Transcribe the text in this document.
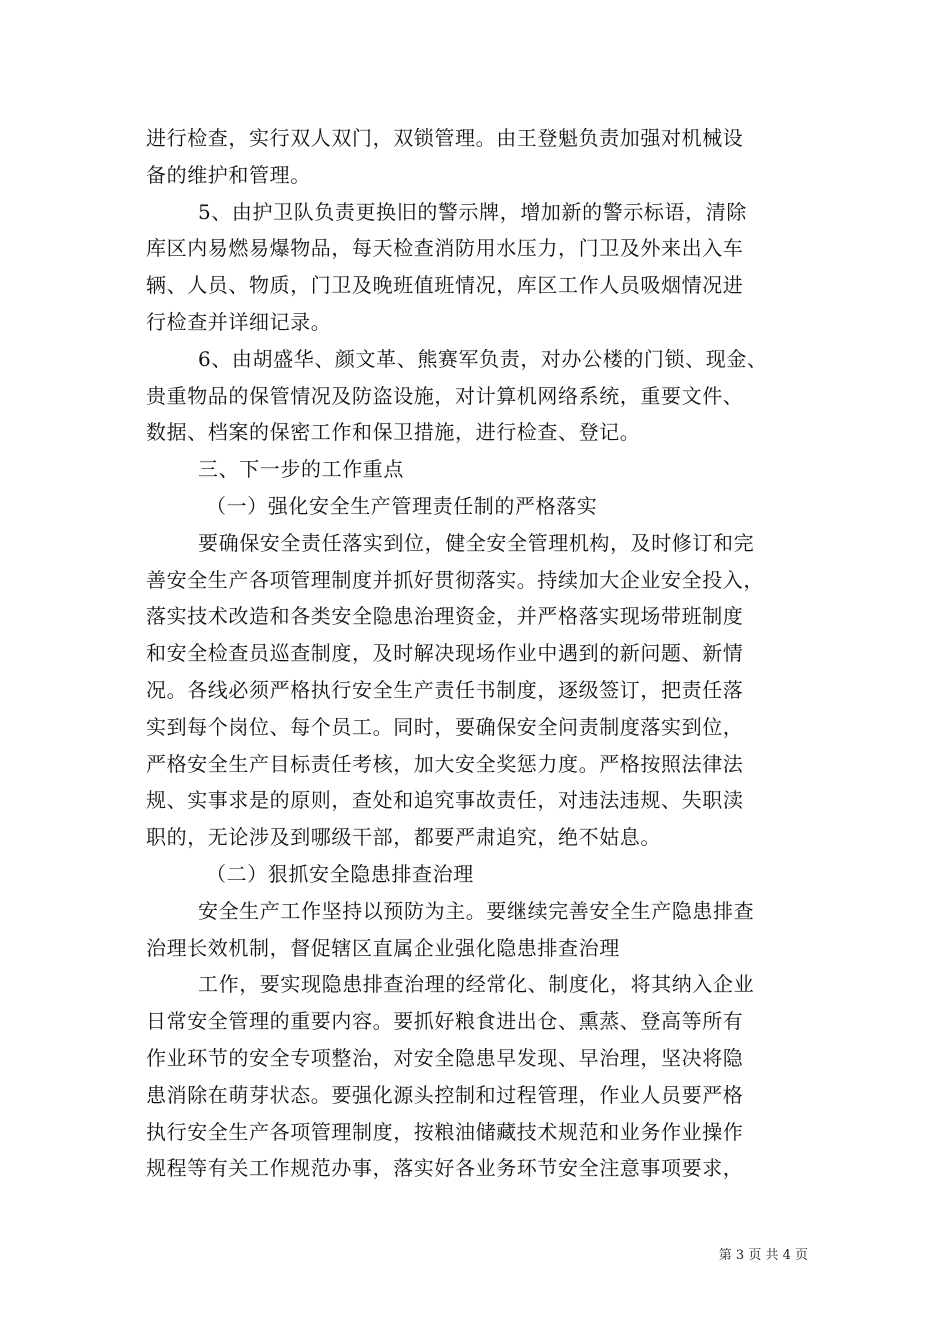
进行检查，实行双人双门，双锁管理。由王登魁负责加强对机械设
备的维护和管理。
5、由护卫队负责更换旧的警示牌，增加新的警示标语，清除
库区内易燃易爆物品，每天检查消防用水压力，门卫及外来出入车
辆、人员、物质，门卫及晚班值班情况，库区工作人员吸烟情况进
行检查并详细记录。
6、由胡盛华、颜文革、熊赛军负责，对办公楼的门锁、现金、
贵重物品的保管情况及防盗设施，对计算机网络系统，重要文件、
数据、档案的保密工作和保卫措施，进行检查、登记。
三、下一步的工作重点
（一）强化安全生产管理责任制的严格落实
要确保安全责任落实到位，健全安全管理机构，及时修订和完
善安全生产各项管理制度并抓好贯彻落实。持续加大企业安全投入，
落实技术改造和各类安全隐患治理资金，并严格落实现场带班制度
和安全检查员巡查制度，及时解决现场作业中遇到的新问题、新情
况。各线必须严格执行安全生产责任书制度，逐级签订，把责任落
实到每个岗位、每个员工。同时，要确保安全问责制度落实到位，
严格安全生产目标责任考核，加大安全奖惩力度。严格按照法律法
规、实事求是的原则，查处和追究事故责任，对违法违规、失职渎
职的，无论涉及到哪级干部，都要严肃追究，绝不姑息。
（二）狠抓安全隐患排查治理
安全生产工作坚持以预防为主。要继续完善安全生产隐患排查
治理长效机制，督促辖区直属企业强化隐患排查治理
工作，要实现隐患排查治理的经常化、制度化，将其纳入企业
日常安全管理的重要内容。要抓好粮食进出仓、熏蒸、登高等所有
作业环节的安全专项整治，对安全隐患早发现、早治理，坚决将隐
患消除在萌芽状态。要强化源头控制和过程管理，作业人员要严格
执行安全生产各项管理制度，按粮油储藏技术规范和业务作业操作
规程等有关工作规范办事，落实好各业务环节安全注意事项要求，
第 3 页 共 4 页
